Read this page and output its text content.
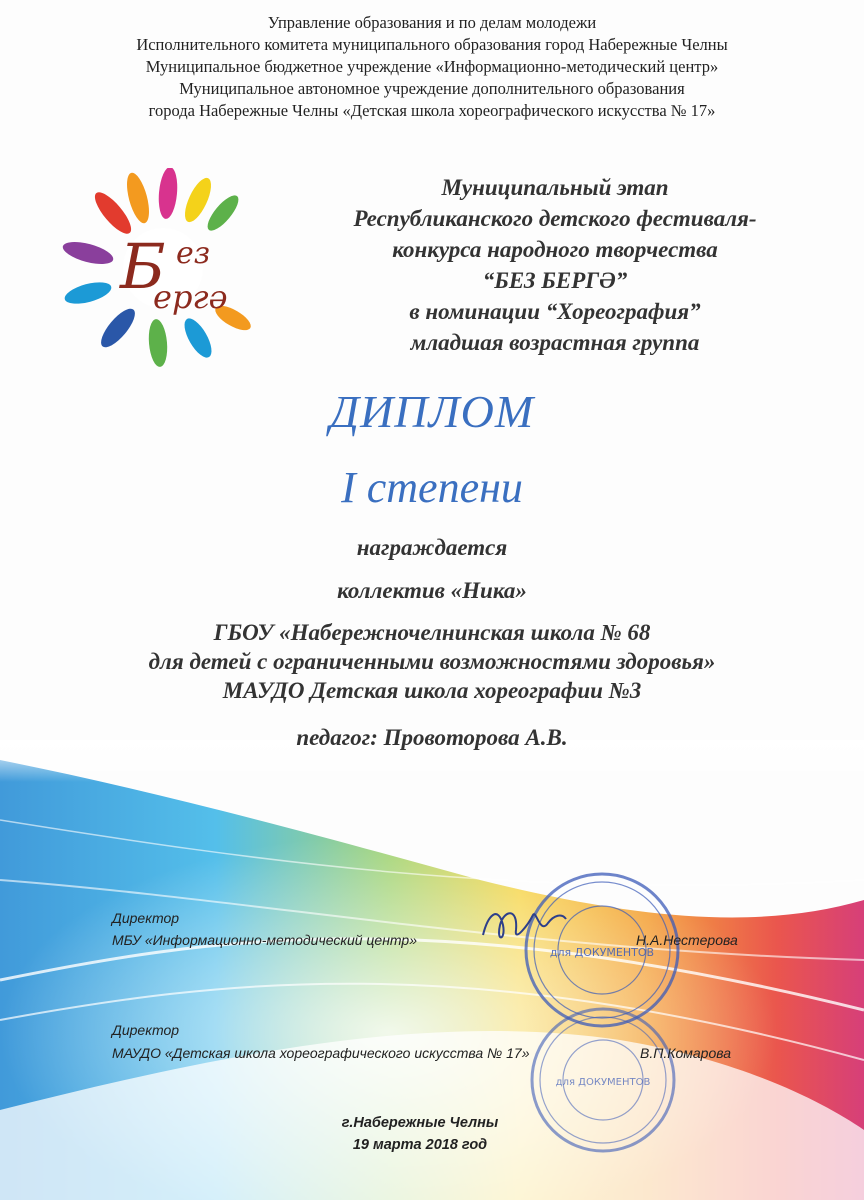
Управление образования и по делам молодежи
Исполнительного комитета муниципального образования город Набережные Челны
Муниципальное бюджетное учреждение «Информационно-методический центр»
Муниципальное автономное учреждение дополнительного образования
города Набережные Челны «Детская школа хореографического искусства № 17»
Б ез
ергә
Муниципальный этап
Республиканского детского фестиваля-
конкурса народного творчества
“БЕЗ БЕРГӘ”
в номинации “Хореография”
младшая возрастная группа
ДИПЛОМ
I степени
награждается
коллектив «Ника»
ГБОУ «Набережночелнинская школа № 68
для детей с ограниченными возможностями здоровья»
МАУДО Детская школа хореографии №3
педагог: Провоторова А.В.
для ДОКУМЕНТОВ
для ДОКУМЕНТОВ
Директор
МБУ «Информационно-методический центр»	Н.А.Нестерова
Директор
МАУДО «Детская школа хореографического искусства № 17»	В.П.Комарова
г.Набережные Челны
19 марта 2018 год
